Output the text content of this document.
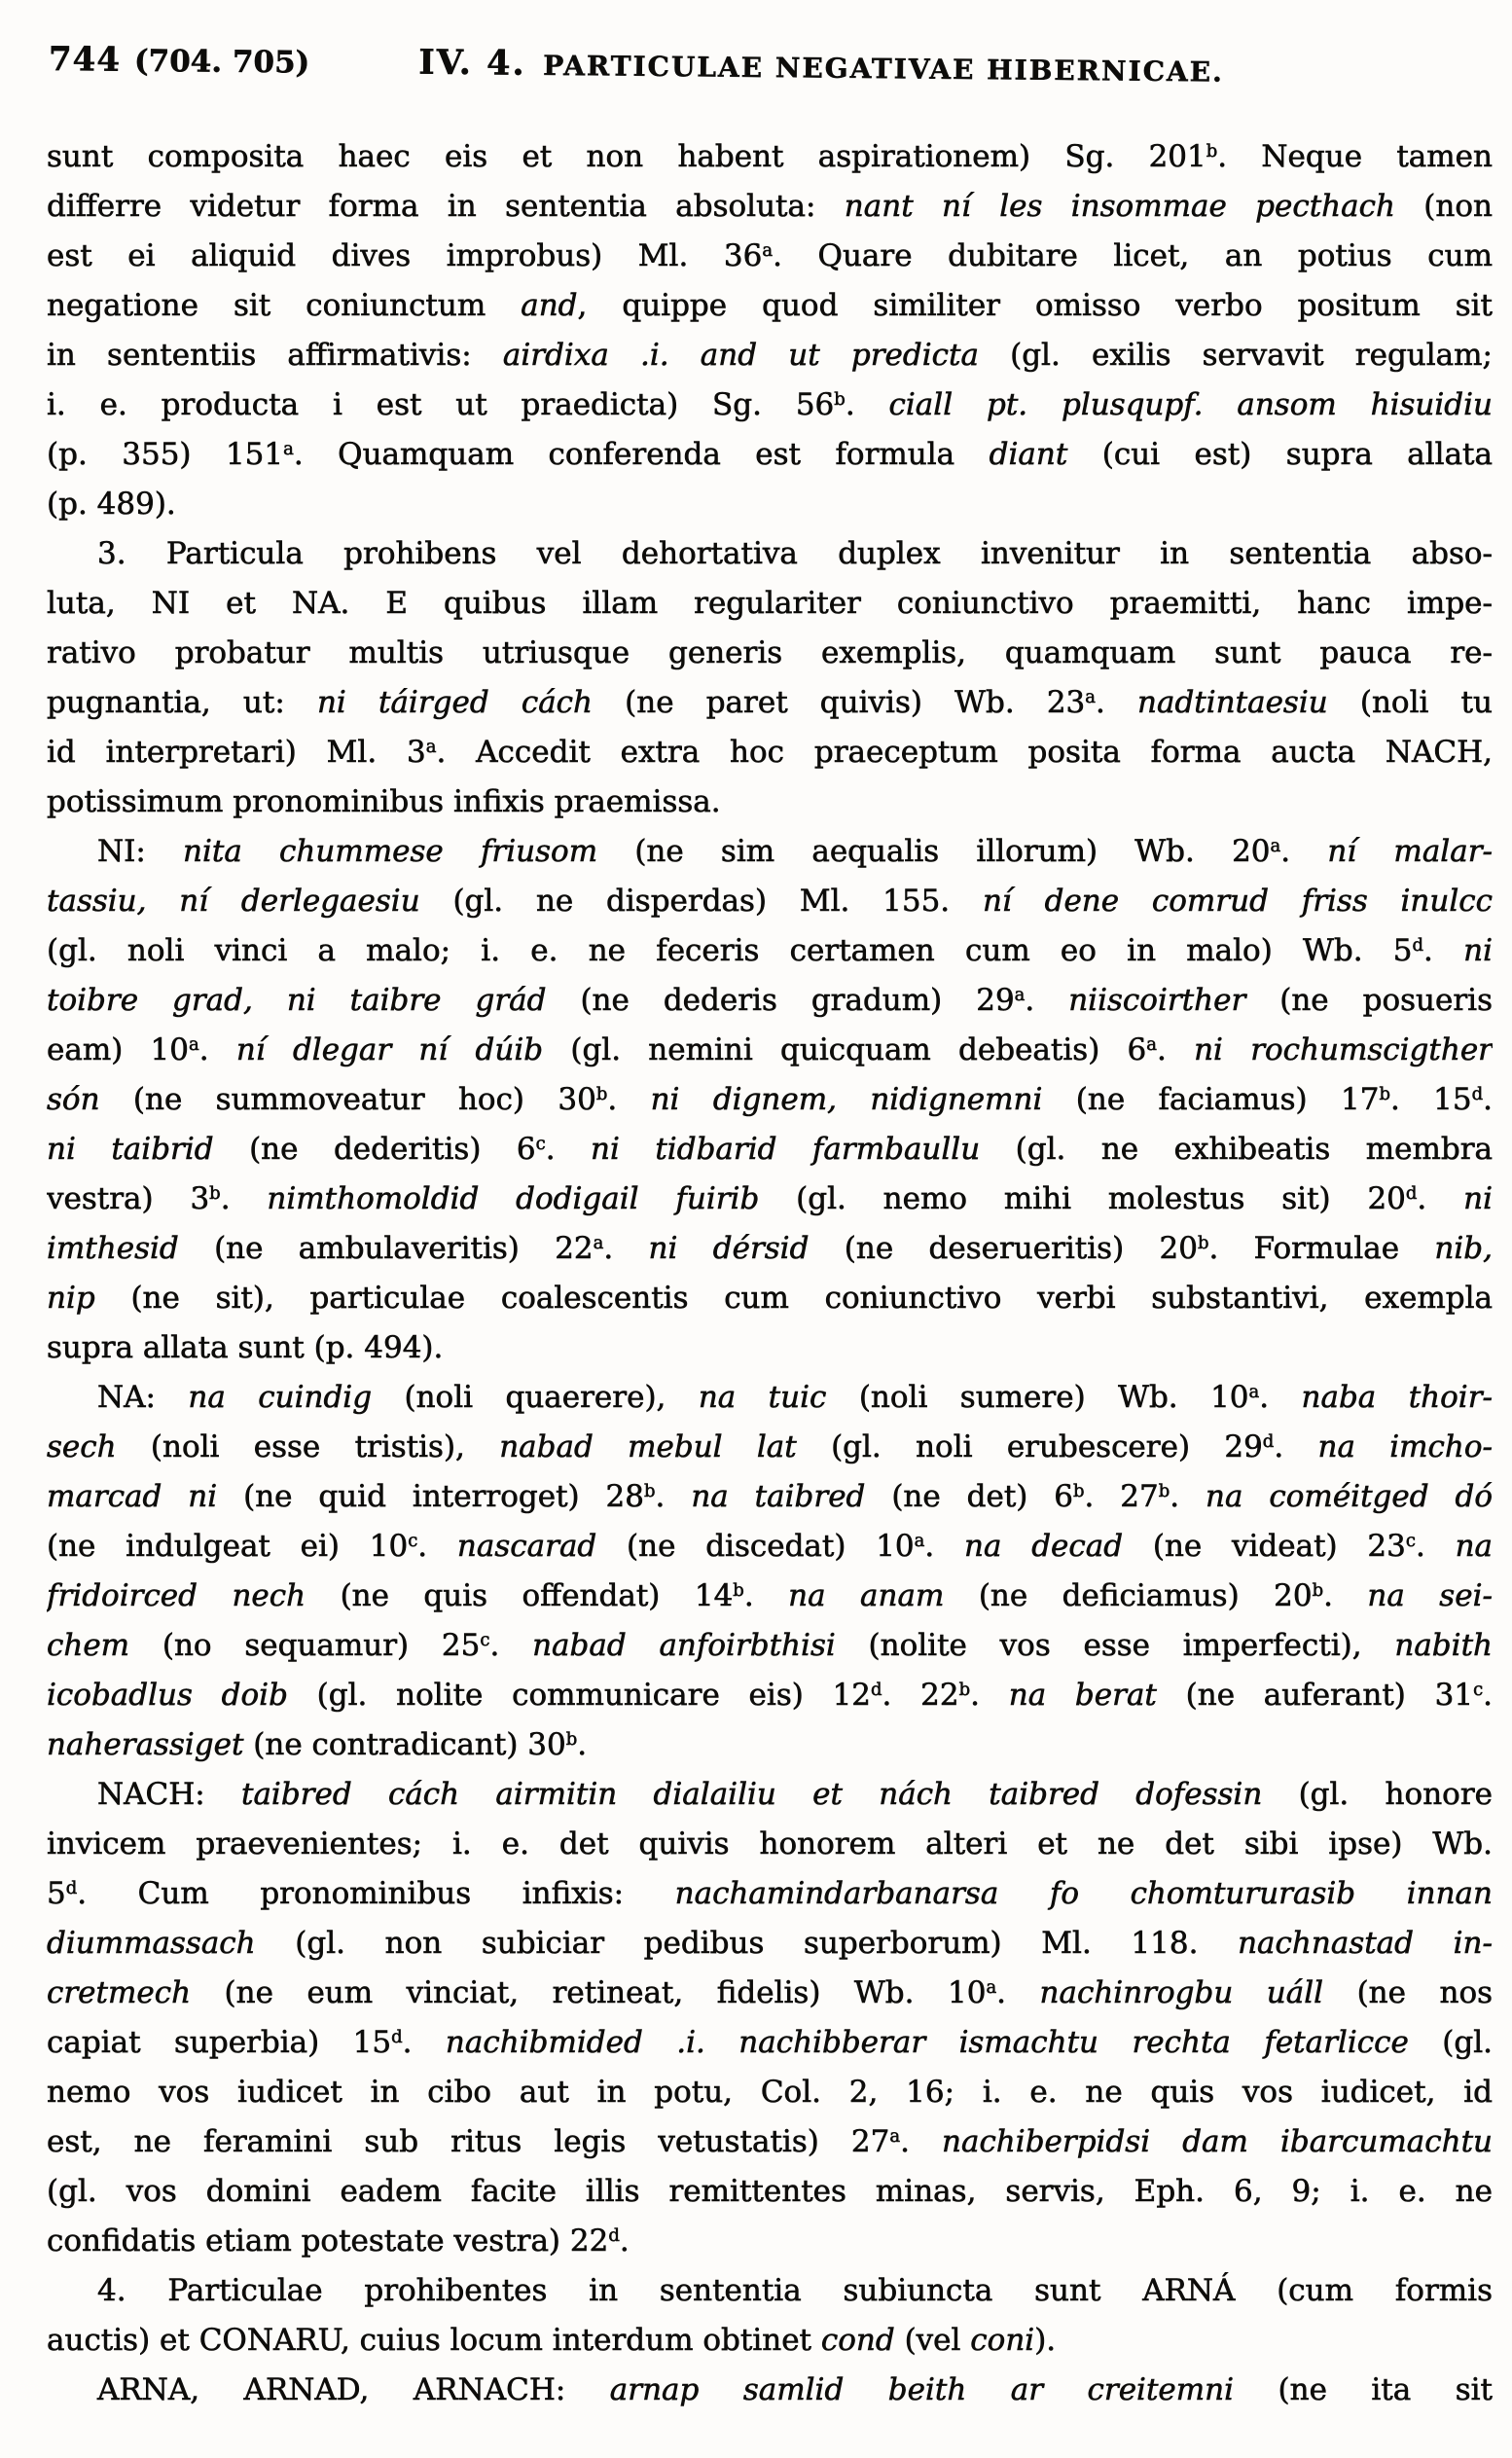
744 (704. 705)	IV. 4. PARTICULAE NEGATIVAE HIBERNICAE.
sunt composita haec eis et non habent aspirationem) Sg. 201$^b$. Neque tamen
differre videtur forma in sententia absoluta: nant ní les insommae pecthach (non
est ei aliquid dives improbus) Ml. 36$^a$. Quare dubitare licet, an potius cum
negatione sit coniunctum and, quippe quod similiter omisso verbo positum sit
in sententiis affirmativis: airdixa .i. and ut predicta (gl. exilis servavit regulam;
i. e. producta i est ut praedicta) Sg. 56$^b$. ciall pt. plusqupf. ansom hisuidiu
(p. 355) 151$^a$. Quamquam conferenda est formula diant (cui est) supra allata
(p. 489).
3. Particula prohibens vel dehortativa duplex invenitur in sententia abso-
luta, NI et NA. E quibus illam regulariter coniunctivo praemitti, hanc impe-
rativo probatur multis utriusque generis exemplis, quamquam sunt pauca re-
pugnantia, ut: ni táirged cách (ne paret quivis) Wb. 23$^a$. nadtintaesiu (noli tu
id interpretari) Ml. 3$^a$. Accedit extra hoc praeceptum posita forma aucta NACH,
potissimum pronominibus infixis praemissa.
NI: nita chummese friusom (ne sim aequalis illorum) Wb. 20$^a$. ní malar-
tassiu, ní derlegaesiu (gl. ne disperdas) Ml. 155. ní dene comrud friss inulcc
(gl. noli vinci a malo; i. e. ne feceris certamen cum eo in malo) Wb. 5$^d$. ni
toibre grad, ni taibre grád (ne dederis gradum) 29$^a$. niiscoirther (ne posueris
eam) 10$^a$. ní dlegar ní dúib (gl. nemini quicquam debeatis) 6$^a$. ni rochumscigther
són (ne summoveatur hoc) 30$^b$. ni dignem, nidignemni (ne faciamus) 17$^b$. 15$^d$.
ni taibrid (ne dederitis) 6$^c$. ni tidbarid farmbaullu (gl. ne exhibeatis membra
vestra) 3$^b$. nimthomoldid dodigail fuirib (gl. nemo mihi molestus sit) 20$^d$. ni
imthesid (ne ambulaveritis) 22$^a$. ni dérsid (ne deserueritis) 20$^b$. Formulae nib,
nip (ne sit), particulae coalescentis cum coniunctivo verbi substantivi, exempla
supra allata sunt (p. 494).
NA: na cuindig (noli quaerere), na tuic (noli sumere) Wb. 10$^a$. naba thoir-
sech (noli esse tristis), nabad mebul lat (gl. noli erubescere) 29$^d$. na imcho-
marcad ni (ne quid interroget) 28$^b$. na taibred (ne det) 6$^b$. 27$^b$. na coméitged dó
(ne indulgeat ei) 10$^c$. nascarad (ne discedat) 10$^a$. na decad (ne videat) 23$^c$. na
fridoirced nech (ne quis offendat) 14$^b$. na anam (ne deficiamus) 20$^b$. na sei-
chem (no sequamur) 25$^c$. nabad anfoirbthisi (nolite vos esse imperfecti), nabith
icobadlus doib (gl. nolite communicare eis) 12$^d$. 22$^b$. na berat (ne auferant) 31$^c$.
naherassiget (ne contradicant) 30$^b$.
NACH: taibred cách airmitin dialailiu et nách taibred dofessin (gl. honore
invicem praevenientes; i. e. det quivis honorem alteri et ne det sibi ipse) Wb.
5$^d$. Cum pronominibus infixis: nachamindarbanarsa fo chomtururasib innan
diummassach (gl. non subiciar pedibus superborum) Ml. 118. nachnastad in-
cretmech (ne eum vinciat, retineat, fidelis) Wb. 10$^a$. nachinrogbu uáll (ne nos
capiat superbia) 15$^d$. nachibmided .i. nachibberar ismachtu rechta fetarlicce (gl.
nemo vos iudicet in cibo aut in potu, Col. 2, 16; i. e. ne quis vos iudicet, id
est, ne feramini sub ritus legis vetustatis) 27$^a$. nachiberpidsi dam ibarcumachtu
(gl. vos domini eadem facite illis remittentes minas, servis, Eph. 6, 9; i. e. ne
confidatis etiam potestate vestra) 22$^d$.
4. Particulae prohibentes in sententia subiuncta sunt ARNÁ (cum formis
auctis) et CONARU, cuius locum interdum obtinet cond (vel coni).
ARNA, ARNAD, ARNACH: arnap samlid beith ar creitemni (ne ita sit
